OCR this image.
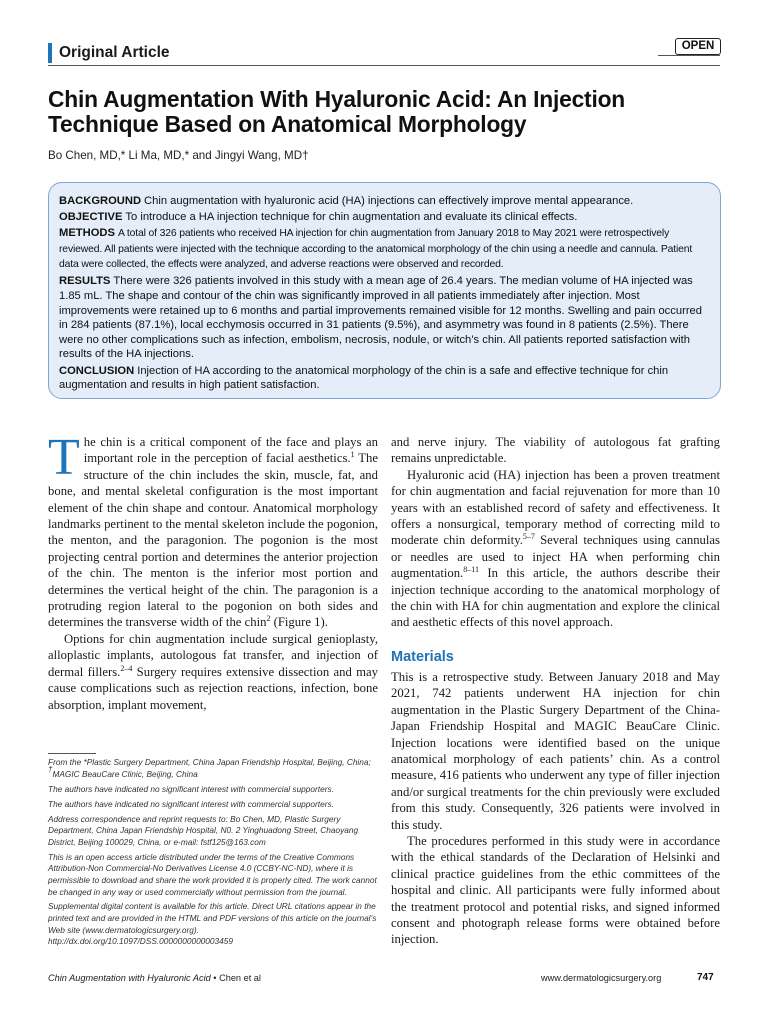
Original Article	OPEN
Chin Augmentation With Hyaluronic Acid: An Injection Technique Based on Anatomical Morphology
Bo Chen, MD,* Li Ma, MD,* and Jingyi Wang, MD†

BACKGROUND Chin augmentation with hyaluronic acid (HA) injections can effectively improve mental appearance.

OBJECTIVE To introduce a HA injection technique for chin augmentation and evaluate its clinical effects.

METHODS A total of 326 patients who received HA injection for chin augmentation from January 2018 to May 2021 were retrospectively reviewed. All patients were injected with the technique according to the anatomical morphology of the chin using a needle and cannula. Patient data were collected, the effects were analyzed, and adverse reactions were observed and recorded.

RESULTS There were 326 patients involved in this study with a mean age of 26.4 years. The median volume of HA injected was 1.85 mL. The shape and contour of the chin was significantly improved in all patients immediately after injection. Most improvements were retained up to 6 months and partial improvements remained visible for 12 months. Swelling and pain occurred in 284 patients (87.1%), local ecchymosis occurred in 31 patients (9.5%), and asymmetry was found in 8 patients (2.5%). There were no other complications such as infection, embolism, necrosis, nodule, or witch’s chin. All patients reported satisfaction with results of the HA injections.

CONCLUSION Injection of HA according to the anatomical morphology of the chin is a safe and effective technique for chin augmentation and results in high patient satisfaction.

The chin is a critical component of the face and plays an important role in the perception of facial aesthetics.$^1$ The structure of the chin includes the skin, muscle, fat, and bone, and mental skeletal configuration is the most important element of the chin shape and contour. Anatomical morphology landmarks pertinent to the mental skeleton include the pogonion, the menton, and the paragonion. The pogonion is the most projecting central portion and determines the anterior projection of the chin. The menton is the inferior most portion and determines the vertical height of the chin. The paragonion is a protruding region lateral to the pogonion on both sides and determines the transverse width of the chin$^2$ (Figure 1).

Options for chin augmentation include surgical genioplasty, alloplastic implants, autologous fat transfer, and injection of dermal fillers.$^{2-4}$ Surgery requires extensive dissection and may cause complications such as rejection reactions, infection, bone absorption, implant movement,

From the *Plastic Surgery Department, China Japan Friendship Hospital, Beijing, China; †MAGIC BeauCare Clinic, Beijing, China

The authors have indicated no significant interest with commercial supporters.

The authors have indicated no significant interest with commercial supporters.

Address correspondence and reprint requests to: Bo Chen, MD, Plastic Surgery Department, China Japan Friendship Hospital, N0. 2 Yinghuadong Street, Chaoyang District, Beijing 100029, China, or e-mail: fstf125@163.com

This is an open access article distributed under the terms of the Creative Commons Attribution-Non Commercial-No Derivatives License 4.0 (CCBY-NC-ND), where it is permissible to download and share the work provided it is properly cited. The work cannot be changed in any way or used commercially without permission from the journal.

Supplemental digital content is available for this article. Direct URL citations appear in the printed text and are provided in the HTML and PDF versions of this article on the journal’s Web site (www.dermatologicsurgery.org).

http://dx.doi.org/10.1097/DSS.0000000000003459

and nerve injury. The viability of autologous fat grafting remains unpredictable.

Hyaluronic acid (HA) injection has been a proven treatment for chin augmentation and facial rejuvenation for more than 10 years with an established record of safety and effectiveness. It offers a nonsurgical, temporary method of correcting mild to moderate chin deformity.$^{5-7}$ Several techniques using cannulas or needles are used to inject HA when performing chin augmentation.$^{8-11}$ In this article, the authors describe their injection technique according to the anatomical morphology of the chin with HA for chin augmentation and explore the clinical and aesthetic effects of this novel approach.

Materials

This is a retrospective study. Between January 2018 and May 2021, 742 patients underwent HA injection for chin augmentation in the Plastic Surgery Department of the China-Japan Friendship Hospital and MAGIC BeauCare Clinic. Injection locations were identified based on the unique anatomical morphology of each patients’ chin. As a control measure, 416 patients who underwent any type of filler injection and/or surgical treatments for the chin previously were excluded from this study. Consequently, 326 patients were involved in this study.

The procedures performed in this study were in accordance with the ethical standards of the Declaration of Helsinki and clinical practice guidelines from the ethic committees of the hospital and clinic. All participants were fully informed about the treatment protocol and potential risks, and signed informed consent and photograph release forms were obtained before injection.

Chin Augmentation with Hyaluronic Acid • Chen et al	www.dermatologicsurgery.org	747
